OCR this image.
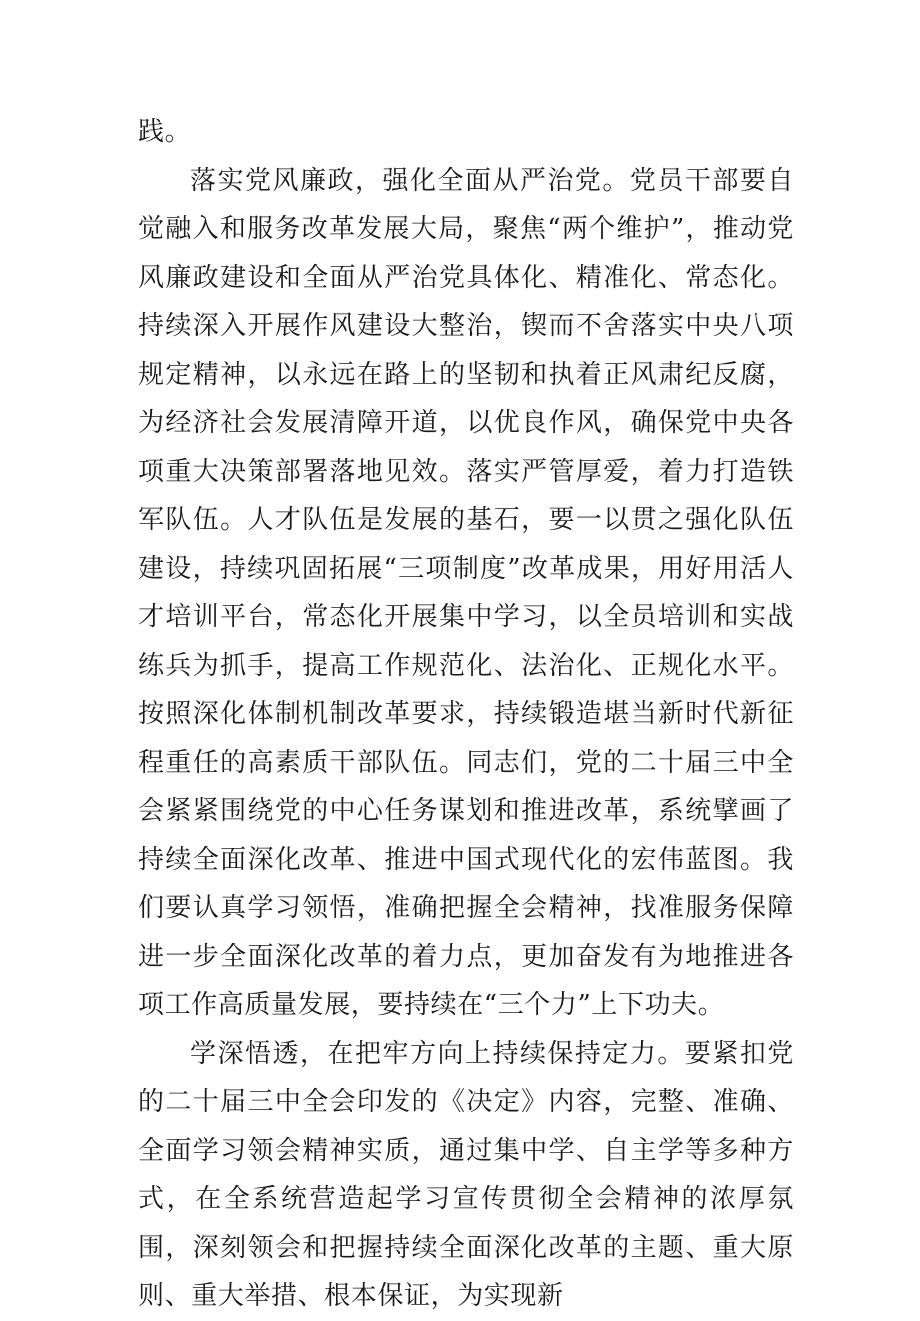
践。

落实党风廉政，强化全面从严治党。党员干部要自觉融入和服务改革发展大局，聚焦“两个维护”，推动党风廉政建设和全面从严治党具体化、精准化、常态化。持续深入开展作风建设大整治，锲而不舍落实中央八项规定精神，以永远在路上的坚韧和执着正风肃纪反腐，为经济社会发展清障开道，以优良作风，确保党中央各项重大决策部署落地见效。落实严管厚爱，着力打造铁军队伍。人才队伍是发展的基石，要一以贯之强化队伍建设，持续巩固拓展“三项制度”改革成果，用好用活人才培训平台，常态化开展集中学习，以全员培训和实战练兵为抓手，提高工作规范化、法治化、正规化水平。按照深化体制机制改革要求，持续锻造堪当新时代新征程重任的高素质干部队伍。同志们，党的二十届三中全会紧紧围绕党的中心任务谋划和推进改革，系统擘画了持续全面深化改革、推进中国式现代化的宏伟蓝图。我们要认真学习领悟，准确把握全会精神，找准服务保障进一步全面深化改革的着力点，更加奋发有为地推进各项工作高质量发展，要持续在“三个力”上下功夫。

学深悟透，在把牢方向上持续保持定力。要紧扣党的二十届三中全会印发的《决定》内容，完整、准确、全面学习领会精神实质，通过集中学、自主学等多种方式，在全系统营造起学习宣传贯彻全会精神的浓厚氛围，深刻领会和把握持续全面深化改革的主题、重大原则、重大举措、根本保证，为实现新
